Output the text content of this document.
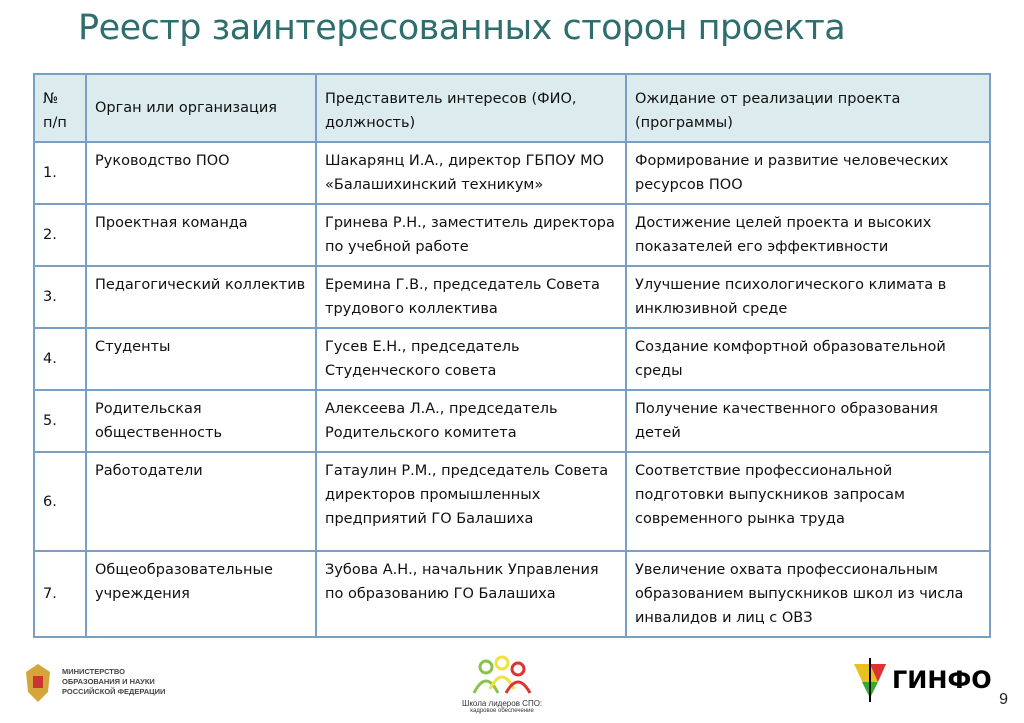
Реестр заинтересованных сторон проекта
№ п/п	Орган или организация	Представитель интересов (ФИО, должность)	Ожидание от реализации проекта (программы)
1.	Руководство ПОО	Шакарянц И.А., директор ГБПОУ МО «Балашихинский техникум»	Формирование и развитие человеческих ресурсов ПОО
2.	Проектная команда	Гринева Р.Н., заместитель директора по учебной работе	Достижение целей проекта и высоких показателей его эффективности
3.	Педагогический коллектив	Еремина Г.В., председатель Совета трудового коллектива	Улучшение психологического климата в инклюзивной среде
4.	Студенты	Гусев Е.Н., председатель Студенческого совета	Создание комфортной образовательной среды
5.	Родительская общественность	Алексеева Л.А., председатель Родительского комитета	Получение качественного образования детей
6.	Работодатели	Гатаулин Р.М., председатель Совета директоров промышленных предприятий ГО Балашиха	Соответствие профессиональной подготовки выпускников запросам современного рынка труда
7.	Общеобразовательные учреждения	Зубова А.Н., начальник Управления по образованию ГО Балашиха	Увеличение охвата профессиональным образованием выпускников школ из числа инвалидов и лиц с ОВЗ
МИНИСТЕРСТВО ОБРАЗОВАНИЯ И НАУКИ РОССИЙСКОЙ ФЕДЕРАЦИИ
Школа лидеров СПО:
кадровое обеспечение
ГИНФО
9
